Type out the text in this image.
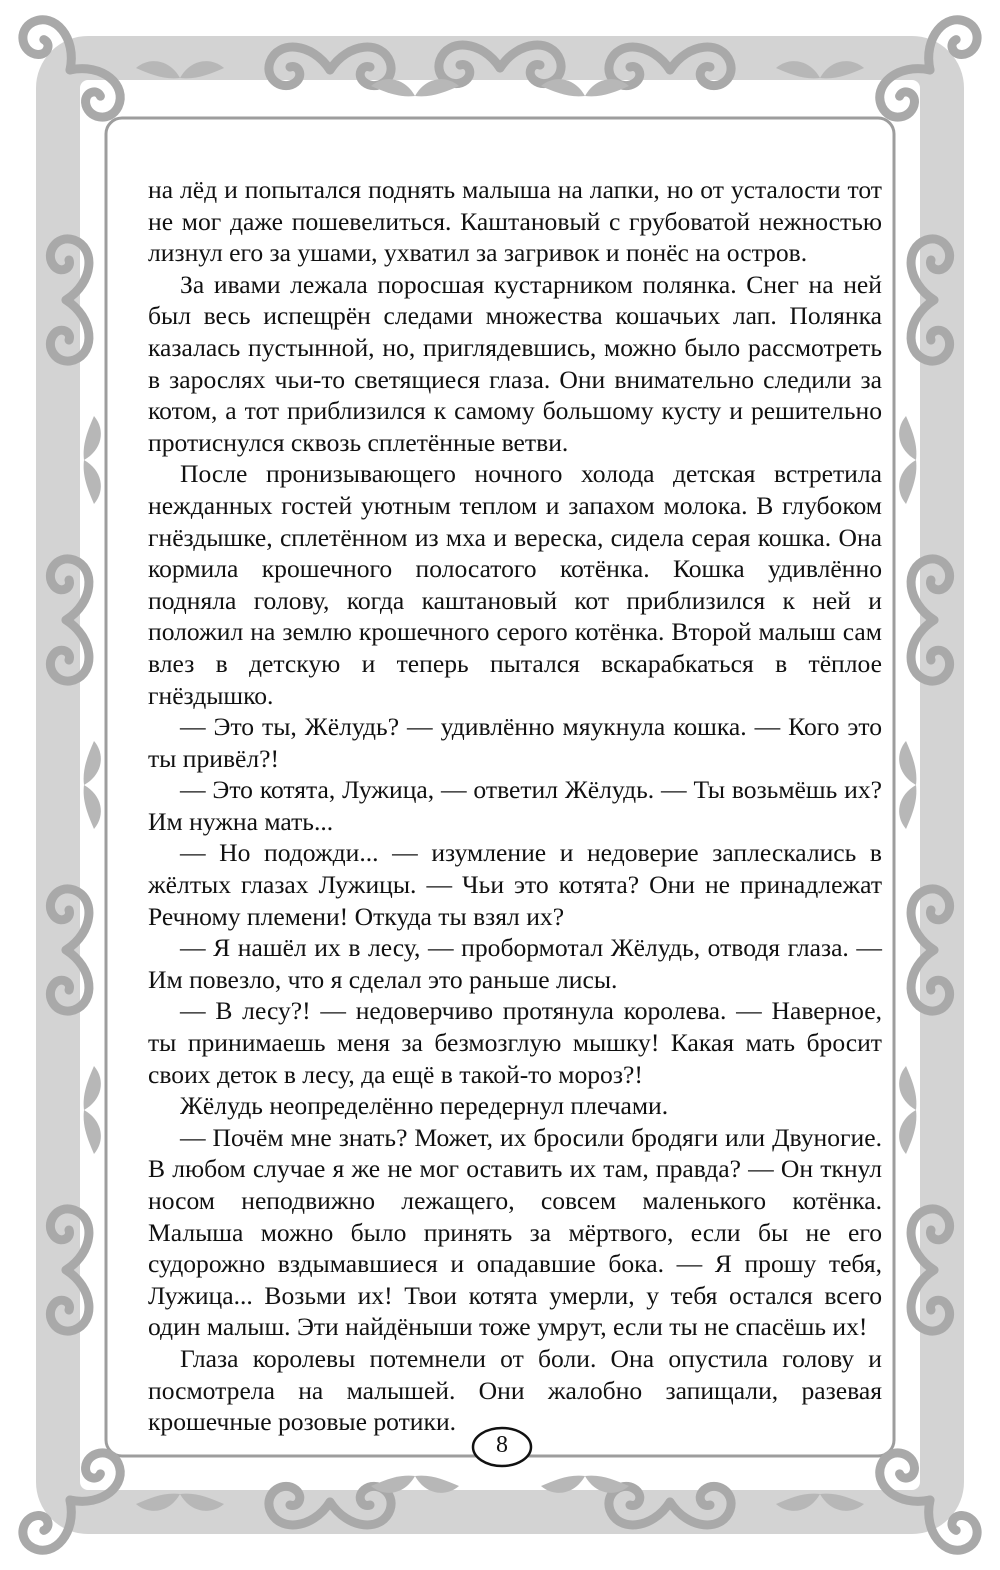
на лёд и попытался поднять малыша на лапки, но от усталости тот не мог даже пошевелиться. Каштановый с грубоватой нежностью лизнул его за ушами, ухватил за загривок и понёс на остров.

За ивами лежала поросшая кустарником полянка. Снег на ней был весь испещрён следами множества кошачьих лап. Полянка казалась пустынной, но, приглядевшись, можно было рассмотреть в зарослях чьи-то светящиеся глаза. Они внимательно следили за котом, а тот приблизился к самому большому кусту и решительно протиснулся сквозь сплетённые ветви.

После пронизывающего ночного холода детская встретила нежданных гостей уютным теплом и запахом молока. В глубоком гнёздышке, сплетённом из мха и вереска, сидела серая кошка. Она кормила крошечного полосатого котёнка. Кошка удивлённо подняла голову, когда каштановый кот приблизился к ней и положил на землю крошечного серого котёнка. Второй малыш сам влез в детскую и теперь пытался вскарабкаться в тёплое гнёздышко.

— Это ты, Жёлудь? — удивлённо мяукнула кошка. — Кого это ты привёл?!

— Это котята, Лужица, — ответил Жёлудь. — Ты возьмёшь их? Им нужна мать...

— Но подожди... — изумление и недоверие заплескались в жёлтых глазах Лужицы. — Чьи это котята? Они не принадлежат Речному племени! Откуда ты взял их?

— Я нашёл их в лесу, — пробормотал Жёлудь, отводя глаза. — Им повезло, что я сделал это раньше лисы.

— В лесу?! — недоверчиво протянула королева. — Наверное, ты принимаешь меня за безмозглую мышку! Какая мать бросит своих деток в лесу, да ещё в такой-то мороз?!

Жёлудь неопределённо передернул плечами.

— Почём мне знать? Может, их бросили бродяги или Двуногие. В любом случае я же не мог оставить их там, правда? — Он ткнул носом неподвижно лежащего, совсем маленького котёнка. Малыша можно было принять за мёртвого, если бы не его судорожно вздымавшиеся и опадавшие бока. — Я прошу тебя, Лужица... Возьми их! Твои котята умерли, у тебя остался всего один малыш. Эти найдёныши тоже умрут, если ты не спасёшь их!

Глаза королевы потемнели от боли. Она опустила голову и посмотрела на малышей. Они жалобно запищали, разевая крошечные розовые ротики.

8
